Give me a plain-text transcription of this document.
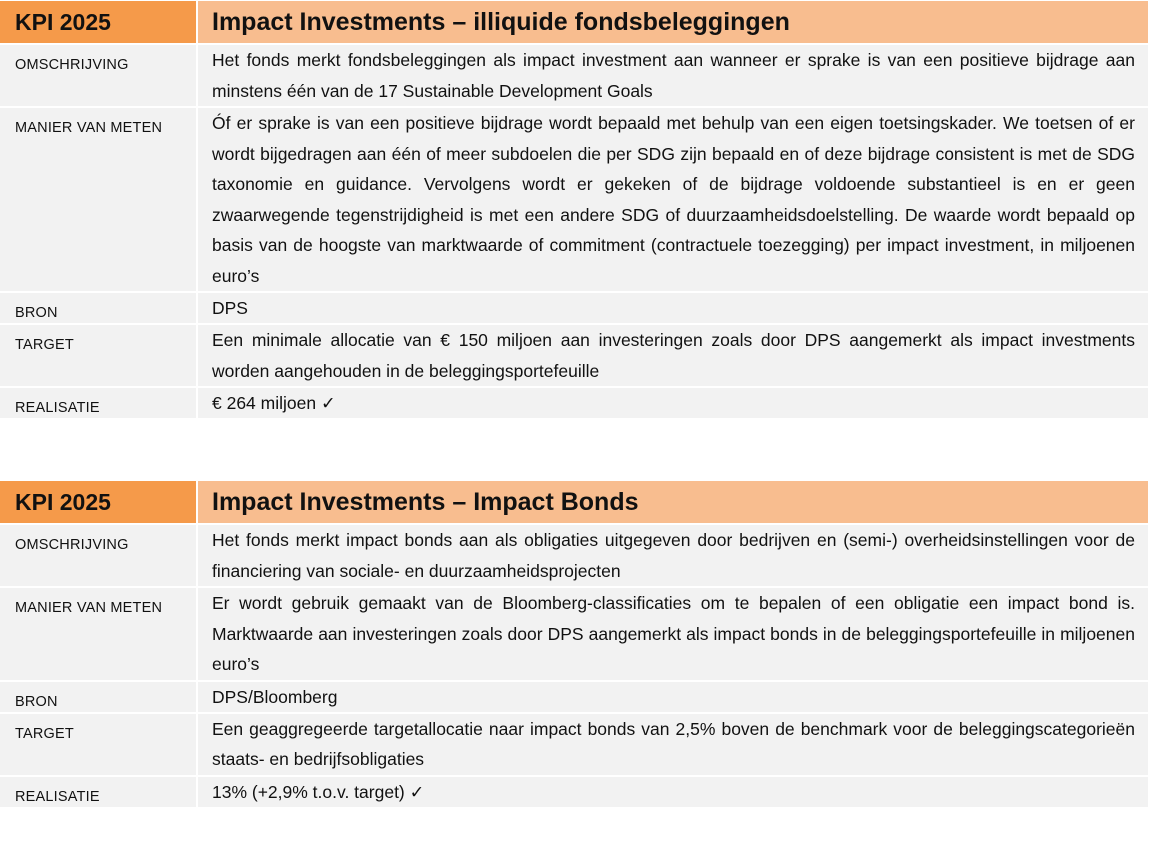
KPI 2025	Impact Investments – illiquide fondsbeleggingen
OMSCHRIJVING	Het fonds merkt fondsbeleggingen als impact investment aan wanneer er sprake is van een positieve bijdrage aan minstens één van de 17 Sustainable Development Goals
MANIER VAN METEN	Óf er sprake is van een positieve bijdrage wordt bepaald met behulp van een eigen toetsingskader. We toetsen of er wordt bijgedragen aan één of meer subdoelen die per SDG zijn bepaald en of deze bijdrage consistent is met de SDG taxonomie en guidance. Vervolgens wordt er gekeken of de bijdrage voldoende substantieel is en er geen zwaarwegende tegenstrijdigheid is met een andere SDG of duurzaamheidsdoelstelling. De waarde wordt bepaald op basis van de hoogste van marktwaarde of commitment (contractuele toezegging) per impact investment, in miljoenen euro’s
BRON	DPS
TARGET	Een minimale allocatie van € 150 miljoen aan investeringen zoals door DPS aangemerkt als impact investments worden aangehouden in de beleggingsportefeuille
REALISATIE	€ 264 miljoen ✓
KPI 2025	Impact Investments – Impact Bonds
OMSCHRIJVING	Het fonds merkt impact bonds aan als obligaties uitgegeven door bedrijven en (semi-) overheidsinstellingen voor de financiering van sociale- en duurzaamheidsprojecten
MANIER VAN METEN	Er wordt gebruik gemaakt van de Bloomberg-classificaties om te bepalen of een obligatie een impact bond is. Marktwaarde aan investeringen zoals door DPS aangemerkt als impact bonds in de beleggingsportefeuille in miljoenen euro’s
BRON	DPS/Bloomberg
TARGET	Een geaggregeerde targetallocatie naar impact bonds van 2,5% boven de benchmark voor de beleggingscategorieën staats- en bedrijfsobligaties
REALISATIE	13% (+2,9% t.o.v. target) ✓
